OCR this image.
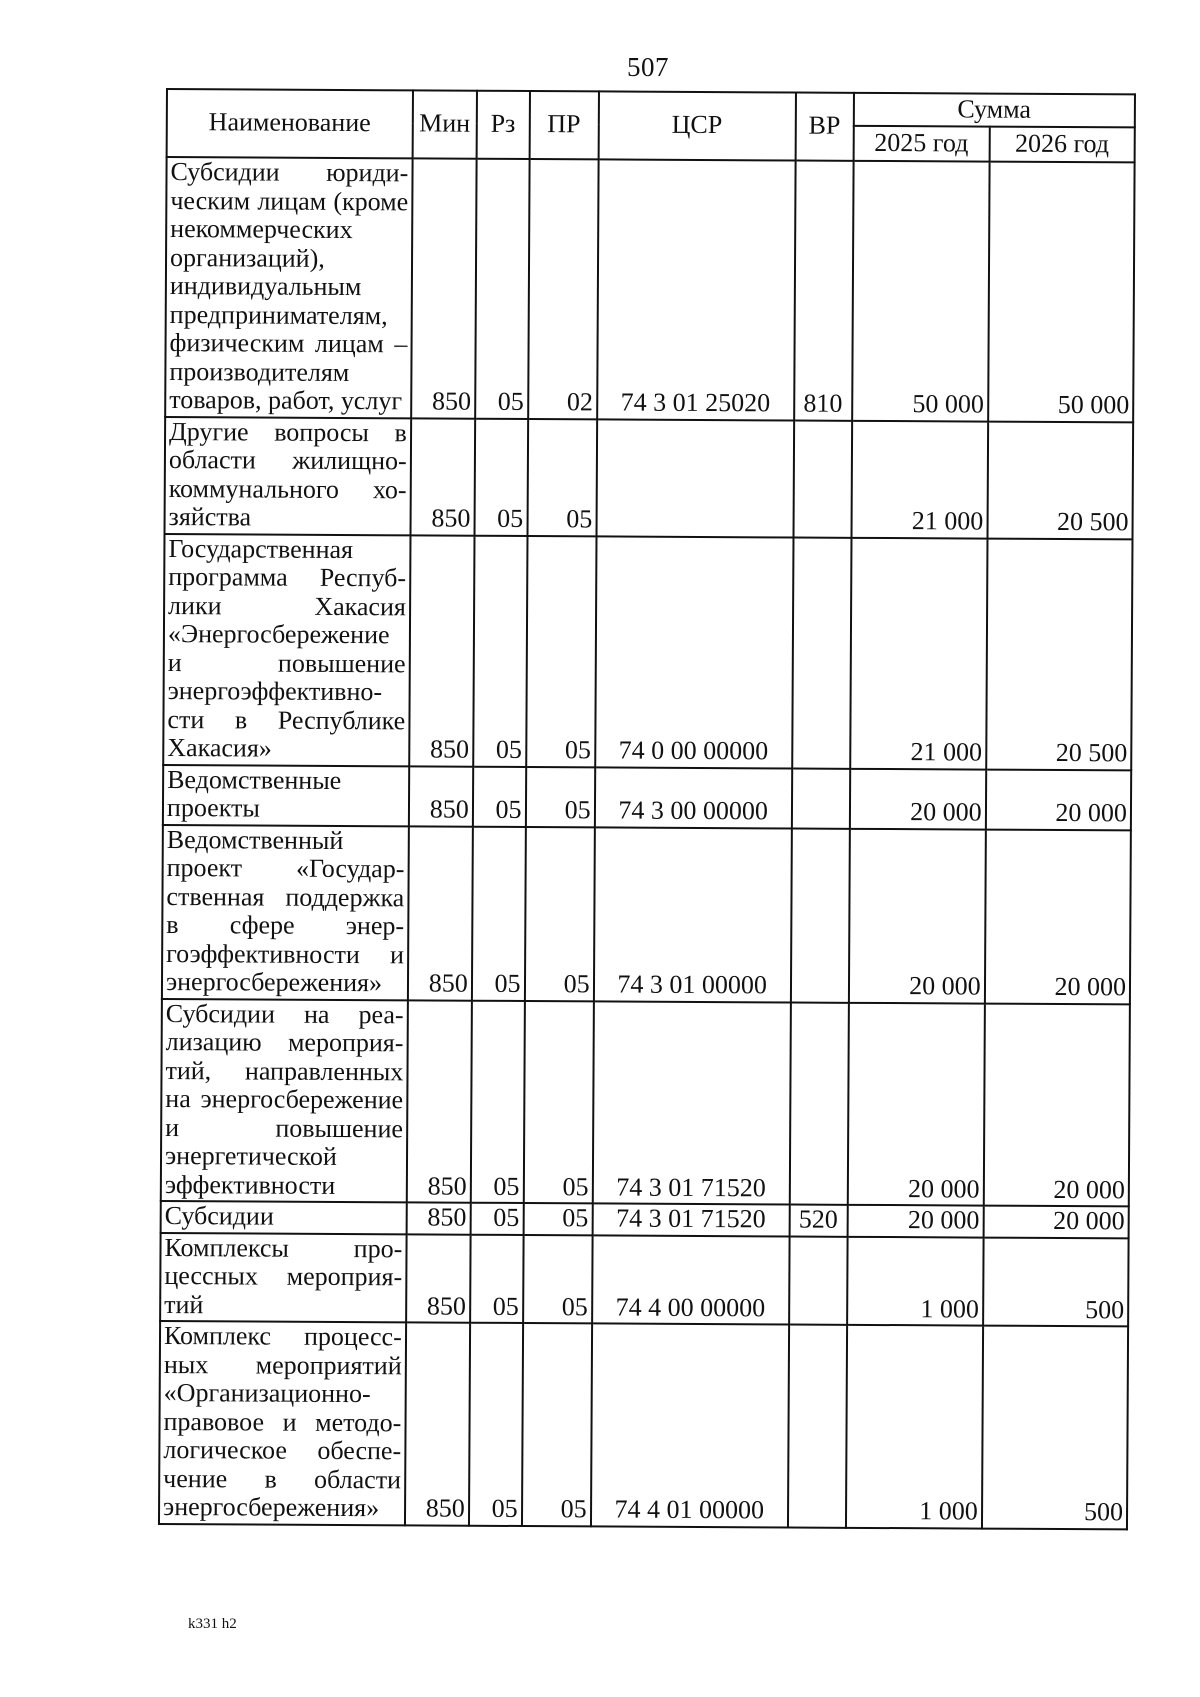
507
Наименование	Мин	Рз	ПР	ЦСР	ВР	Сумма	
						2025 год	2026 год
Субсидии юридическим лицам (кроме некоммерческих организаций), индивидуальным предпринимателям, физическим лицам – производителям товаров, работ, услуг	850	05	02	74 3 01 25020	810	50 000	50 000
Другие вопросы в области жилищно-коммунального хозяйства	850	05	05			21 000	20 500
Государственная программа Республики Хакасия «Энергосбережение и повышение энергоэффективности в Республике Хакасия»	850	05	05	74 0 00 00000		21 000	20 500
Ведомственные проекты	850	05	05	74 3 00 00000		20 000	20 000
Ведомственный проект «Государственная поддержка в сфере энергоэффективности и энергосбережения»	850	05	05	74 3 01 00000		20 000	20 000
Субсидии на реализацию мероприятий, направленных на энергосбережение и повышение энергетической эффективности	850	05	05	74 3 01 71520		20 000	20 000
Субсидии	850	05	05	74 3 01 71520	520	20 000	20 000
Комплексы процессных мероприятий	850	05	05	74 4 00 00000		1 000	500
Комплекс процессных мероприятий «Организационно-правовое и методологическое обеспечение в области энергосбережения»	850	05	05	74 4 01 00000		1 000	500
k331 h2
